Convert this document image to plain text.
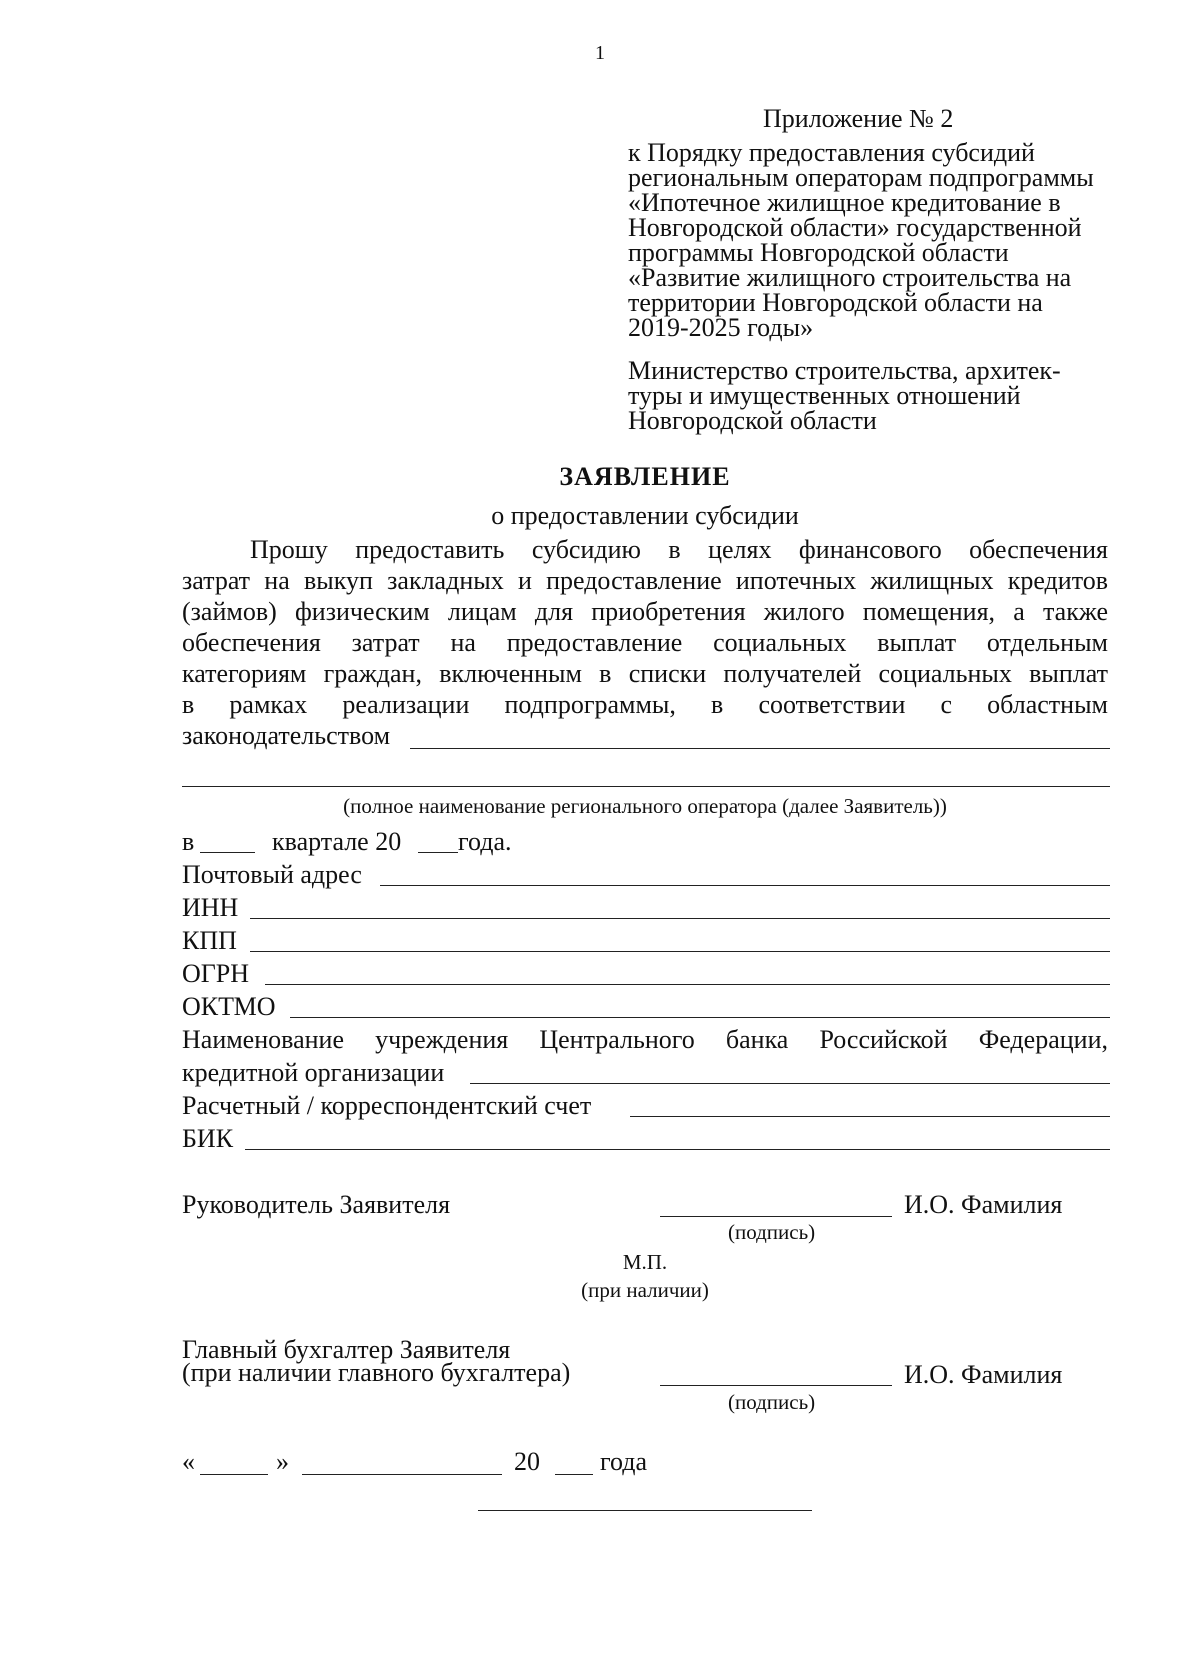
1
Приложение № 2
к Порядку предоставления субсидий
региональным операторам подпрограммы
«Ипотечное жилищное кредитование в
Новгородской области» государственной
программы Новгородской области
«Развитие жилищного строительства на
территории Новгородской области на
2019-2025 годы»
Министерство строительства, архитек-
туры и имущественных отношений
Новгородской области
ЗАЯВЛЕНИЕ
о предоставлении субсидии
Прошу предоставить субсидию в целях финансового обеспечения
затрат на выкуп закладных и предоставление ипотечных жилищных кредитов
(займов) физическим лицам для приобретения жилого помещения, а также
обеспечения затрат на предоставление социальных выплат отдельным
категориям граждан, включенным в списки получателей социальных выплат
в рамках реализации подпрограммы, в соответствии с областным
законодательством
(полное наименование регионального оператора (далее Заявитель))
в	квартале 20 года.
Почтовый адрес
ИНН
КПП
ОГРН
ОКТМО
Наименование учреждения Центрального банка Российской Федерации,
кредитной организации
Расчетный / корреспондентский счет
БИК
Руководитель Заявителя	И.О. Фамилия
(подпись)
М.П.
(при наличии)
Главный бухгалтер Заявителя
(при наличии главного бухгалтера)	И.О. Фамилия
(подпись)
«	»	20 года
